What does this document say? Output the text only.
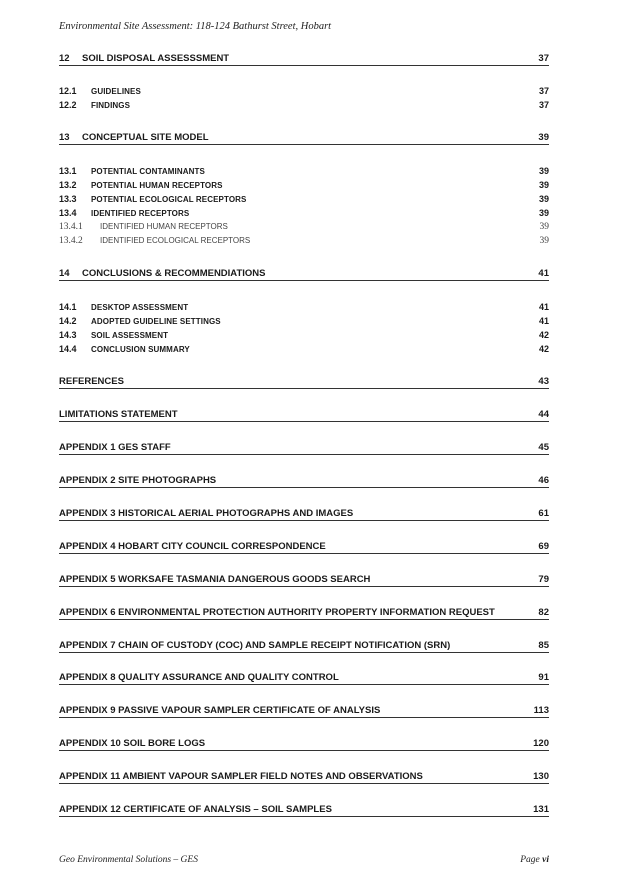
Environmental Site Assessment: 118-124 Bathurst Street, Hobart
12	SOIL DISPOSAL ASSESSSMENT	37
12.1	GUIDELINES	37
12.2	FINDINGS	37
13	CONCEPTUAL SITE MODEL	39
13.1	POTENTIAL CONTAMINANTS	39
13.2	POTENTIAL HUMAN RECEPTORS	39
13.3	POTENTIAL ECOLOGICAL RECEPTORS	39
13.4	IDENTIFIED RECEPTORS	39
13.4.1	IDENTIFIED HUMAN RECEPTORS	39
13.4.2	IDENTIFIED ECOLOGICAL RECEPTORS	39
14	CONCLUSIONS & RECOMMENDIATIONS	41
14.1	DESKTOP ASSESSMENT	41
14.2	ADOPTED GUIDELINE SETTINGS	41
14.3	SOIL ASSESSMENT	42
14.4	CONCLUSION SUMMARY	42
REFERENCES	43
LIMITATIONS STATEMENT	44
APPENDIX 1 GES STAFF	45
APPENDIX 2 SITE PHOTOGRAPHS	46
APPENDIX 3 HISTORICAL AERIAL PHOTOGRAPHS AND IMAGES	61
APPENDIX 4 HOBART CITY COUNCIL CORRESPONDENCE	69
APPENDIX 5 WORKSAFE TASMANIA DANGEROUS GOODS SEARCH	79
APPENDIX 6 ENVIRONMENTAL PROTECTION AUTHORITY PROPERTY INFORMATION REQUEST	82
APPENDIX 7 CHAIN OF CUSTODY (COC) AND SAMPLE RECEIPT NOTIFICATION (SRN)	85
APPENDIX 8 QUALITY ASSURANCE AND QUALITY CONTROL	91
APPENDIX 9 PASSIVE VAPOUR SAMPLER CERTIFICATE OF ANALYSIS	113
APPENDIX 10 SOIL BORE LOGS	120
APPENDIX 11 AMBIENT VAPOUR SAMPLER FIELD NOTES AND OBSERVATIONS	130
APPENDIX 12 CERTIFICATE OF ANALYSIS – SOIL SAMPLES	131
Geo Environmental Solutions – GES	Page vi
